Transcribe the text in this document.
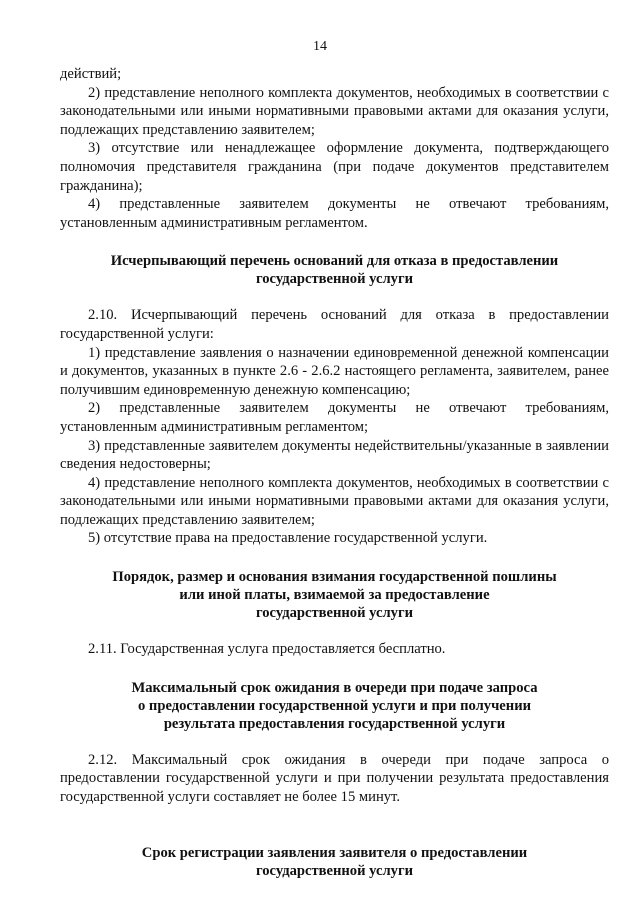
14

действий;

2) представление неполного комплекта документов, необходимых в соответствии с законодательными или иными нормативными правовыми актами для оказания услуги, подлежащих представлению заявителем;

3) отсутствие или ненадлежащее оформление документа, подтверждающего полномочия представителя гражданина (при подаче документов представителем гражданина);

4) представленные заявителем документы не отвечают требованиям, установленным административным регламентом.

Исчерпывающий перечень оснований для отказа в предоставлении
государственной услуги

2.10. Исчерпывающий перечень оснований для отказа в предоставлении государственной услуги:

1) представление заявления о назначении единовременной денежной компенсации и документов, указанных в пункте 2.6 - 2.6.2 настоящего регламента, заявителем, ранее получившим единовременную денежную компенсацию;

2) представленные заявителем документы не отвечают требованиям, установленным административным регламентом;

3) представленные заявителем документы недействительны/указанные в заявлении сведения недостоверны;

4) представление неполного комплекта документов, необходимых в соответствии с законодательными или иными нормативными правовыми актами для оказания услуги, подлежащих представлению заявителем;

5) отсутствие права на предоставление государственной услуги.

Порядок, размер и основания взимания государственной пошлины
или иной платы, взимаемой за предоставление
государственной услуги

2.11. Государственная услуга предоставляется бесплатно.

Максимальный срок ожидания в очереди при подаче запроса
о предоставлении государственной услуги и при получении
результата предоставления государственной услуги

2.12. Максимальный срок ожидания в очереди при подаче запроса о предоставлении государственной услуги и при получении результата предоставления государственной услуги составляет не более 15 минут.

Срок регистрации заявления заявителя о предоставлении
государственной услуги
